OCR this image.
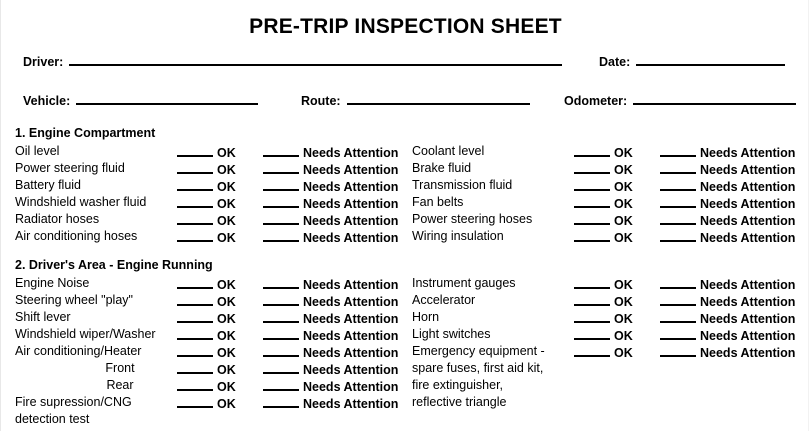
PRE-TRIP INSPECTION SHEET
Driver:	Date:
Vehicle:	Route:	Odometer:
1. Engine Compartment
Oil level	OK	Needs Attention
Power steering fluid	OK	Needs Attention
Battery fluid	OK	Needs Attention
Windshield washer fluid	OK	Needs Attention
Radiator hoses	OK	Needs Attention
Air conditioning hoses	OK	Needs Attention
Coolant level	OK	Needs Attention
Brake fluid	OK	Needs Attention
Transmission fluid	OK	Needs Attention
Fan belts	OK	Needs Attention
Power steering hoses	OK	Needs Attention
Wiring insulation	OK	Needs Attention
2. Driver's Area - Engine Running
Engine Noise	OK	Needs Attention
Steering wheel "play"	OK	Needs Attention
Shift lever	OK	Needs Attention
Windshield wiper/Washer	OK	Needs Attention
Air conditioning/Heater	OK	Needs Attention
Front	OK	Needs Attention
Rear	OK	Needs Attention
Fire supression/CNG	OK	Needs Attention
detection test
Instrument gauges	OK	Needs Attention
Accelerator	OK	Needs Attention
Horn	OK	Needs Attention
Light switches	OK	Needs Attention
Emergency equipment -	OK	Needs Attention
spare fuses, first aid kit,
fire extinguisher,
reflective triangle
